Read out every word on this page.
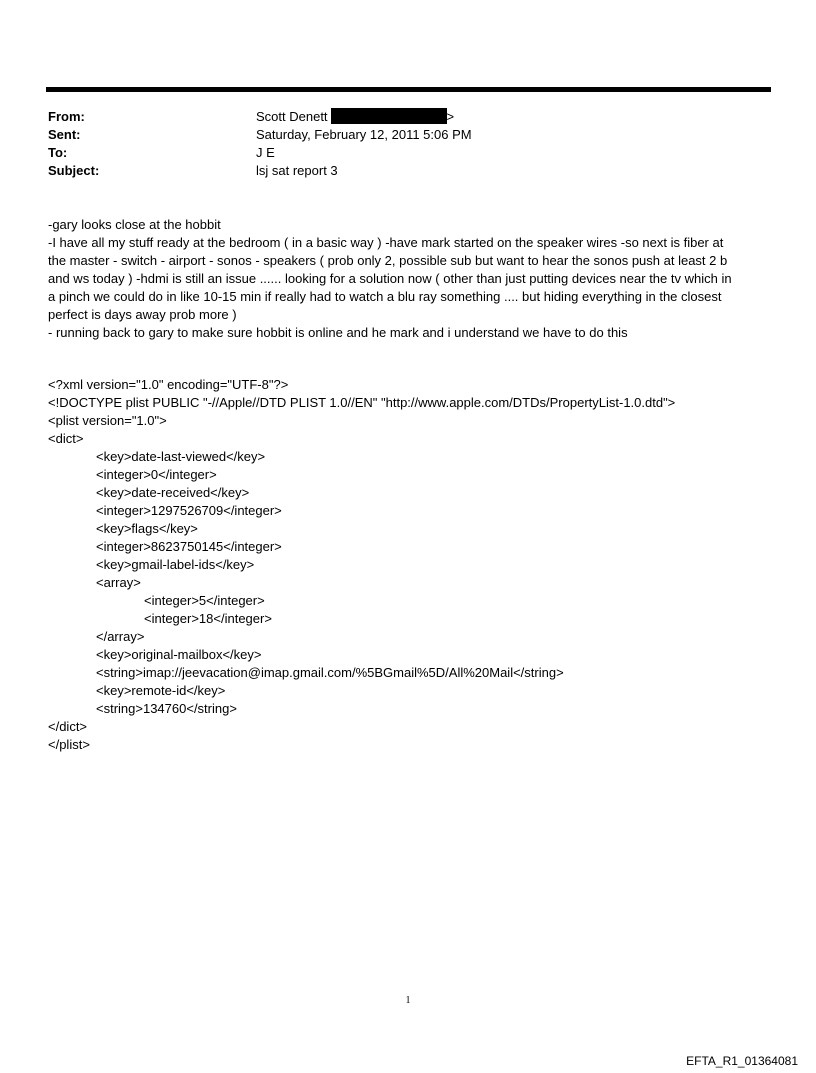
From:	Scott Denett	>
Sent:	Saturday, February 12, 2011 5:06 PM
To:	J E
Subject:	lsj sat report 3
-gary looks close at the hobbit
-I have all my stuff ready at the bedroom ( in a basic way ) -have mark started on the speaker wires -so next is fiber at
the master - switch - airport - sonos - speakers ( prob only 2, possible sub but want to hear the sonos push at least 2 b
and ws today ) -hdmi is still an issue ...... looking for a solution now ( other than just putting devices near the tv which in
a pinch we could do in like 10-15 min if really had to watch a blu ray something .... but hiding everything in the closest
perfect is days away prob more )
- running back to gary to make sure hobbit is online and he mark and i understand we have to do this
<?xml version="1.0" encoding="UTF-8"?>
<!DOCTYPE plist PUBLIC "-//Apple//DTD PLIST 1.0//EN" "http://www.apple.com/DTDs/PropertyList-1.0.dtd">
<plist version="1.0">
<dict>
<key>date-last-viewed</key>
<integer>0</integer>
<key>date-received</key>
<integer>1297526709</integer>
<key>flags</key>
<integer>8623750145</integer>
<key>gmail-label-ids</key>
<array>
<integer>5</integer>
<integer>18</integer>
</array>
<key>original-mailbox</key>
<string>imap://jeevacation@imap.gmail.com/%5BGmail%5D/All%20Mail</string>
<key>remote-id</key>
<string>134760</string>
</dict>
</plist>
1
EFTA_R1_01364081
